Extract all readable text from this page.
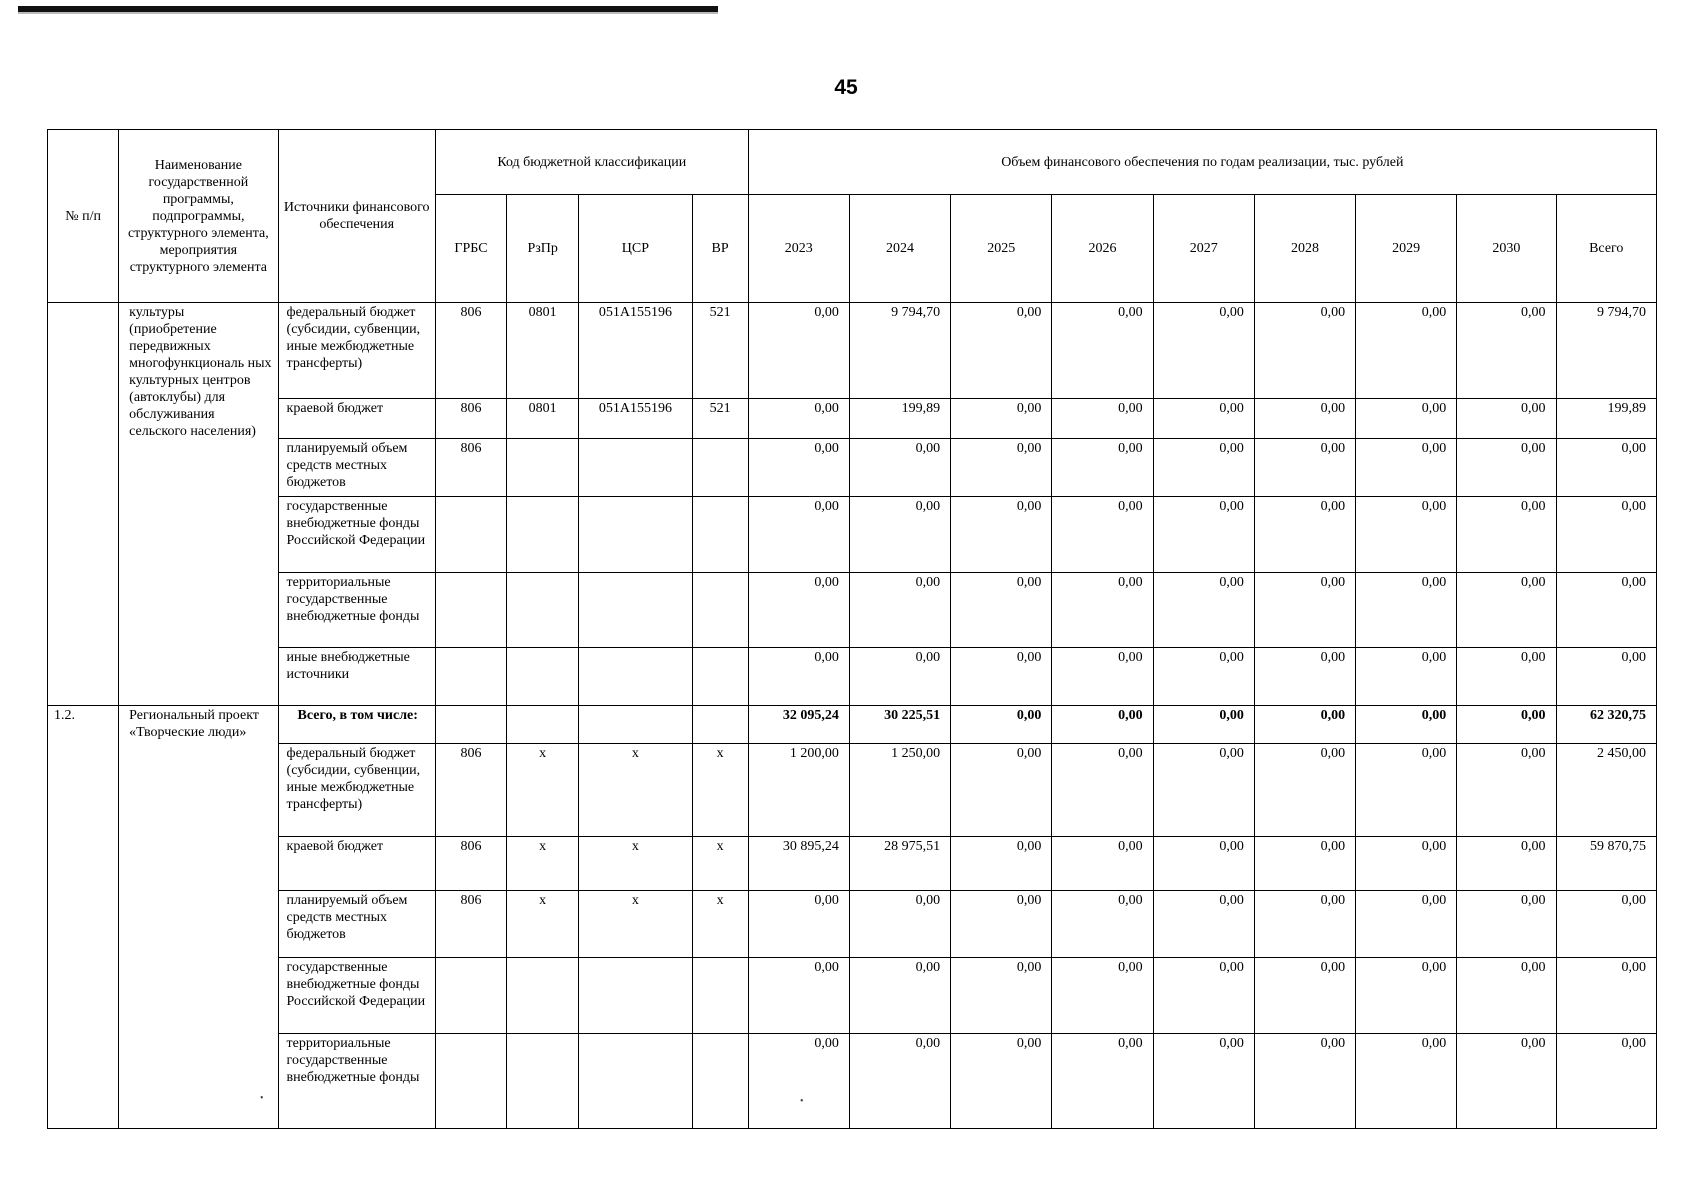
45
№ п/п	Наименование государственной программы, подпрограммы, структурного элемента, мероприятия структурного элемента	Источники финансового обеспечения	Код бюджетной классификации				Объем финансового обеспечения по годам реализации, тыс. рублей								
			ГРБС	РзПр	ЦСР	ВР	2023	2024	2025	2026	2027	2028	2029	2030	Всего
	культуры (приобретение передвижных многофункциональ ных культурных центров (автоклубы) для обслуживания сельского населения)	федеральный бюджет (субсидии, субвенции, иные межбюджетные трансферты)	806	0801	051A155196	521	0,00	9 794,70	0,00	0,00	0,00	0,00	0,00	0,00	9 794,70
		краевой бюджет	806	0801	051A155196	521	0,00	199,89	0,00	0,00	0,00	0,00	0,00	0,00	199,89
		планируемый объем средств местных бюджетов	806				0,00	0,00	0,00	0,00	0,00	0,00	0,00	0,00	0,00
		государственные внебюджетные фонды Российской Федерации					0,00	0,00	0,00	0,00	0,00	0,00	0,00	0,00	0,00
		территориальные государственные внебюджетные фонды					0,00	0,00	0,00	0,00	0,00	0,00	0,00	0,00	0,00
		иные внебюджетные источники					0,00	0,00	0,00	0,00	0,00	0,00	0,00	0,00	0,00
1.2.	Региональный проект «Творческие люди»	Всего, в том числе:					32 095,24	30 225,51	0,00	0,00	0,00	0,00	0,00	0,00	62 320,75
		федеральный бюджет (субсидии, субвенции, иные межбюджетные трансферты)	806	x	x	x	1 200,00	1 250,00	0,00	0,00	0,00	0,00	0,00	0,00	2 450,00
		краевой бюджет	806	x	x	x	30 895,24	28 975,51	0,00	0,00	0,00	0,00	0,00	0,00	59 870,75
		планируемый объем средств местных бюджетов	806	x	x	x	0,00	0,00	0,00	0,00	0,00	0,00	0,00	0,00	0,00
		государственные внебюджетные фонды Российской Федерации					0,00	0,00	0,00	0,00	0,00	0,00	0,00	0,00	0,00
		территориальные государственные внебюджетные фонды					0,00	0,00	0,00	0,00	0,00	0,00	0,00	0,00	0,00
•	•
